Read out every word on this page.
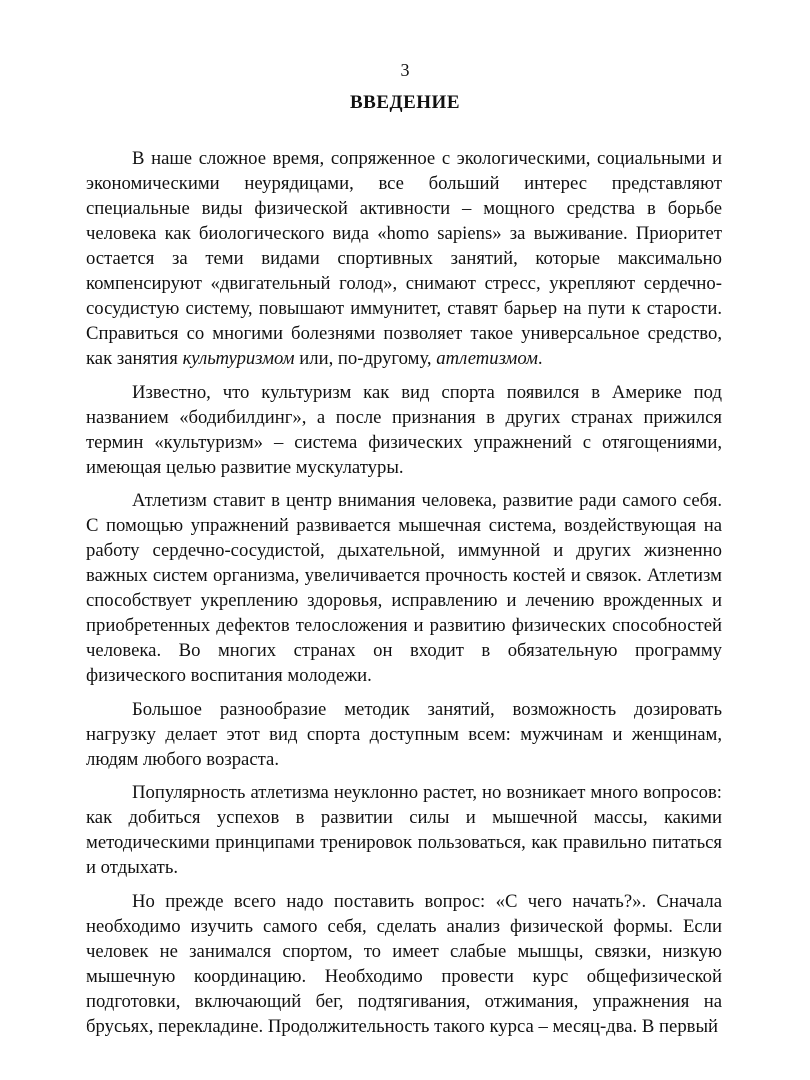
3
ВВЕДЕНИЕ

В наше сложное время, сопряженное с экологическими, социальными и экономическими неурядицами, все больший интерес представляют специальные виды физической активности – мощного средства в борьбе человека как биологического вида «homo sapiens» за выживание. Приоритет остается за теми видами спортивных занятий, которые максимально компенсируют «двигательный голод», снимают стресс, укрепляют сердечно-сосудистую систему, повышают иммунитет, ставят барьер на пути к старости. Справиться со многими болезнями позволяет такое универсальное средство, как занятия культуризмом или, по-другому, атлетизмом.

Известно, что культуризм как вид спорта появился в Америке под названием «бодибилдинг», а после признания в других странах прижился термин «культуризм» – система физических упражнений с отягощениями, имеющая целью развитие мускулатуры.

Атлетизм ставит в центр внимания человека, развитие ради самого себя. С помощью упражнений развивается мышечная система, воздействующая на работу сердечно-сосудистой, дыхательной, иммунной и других жизненно важных систем организма, увеличивается прочность костей и связок. Атлетизм способствует укреплению здоровья, исправлению и лечению врожденных и приобретенных дефектов телосложения и развитию физических способностей человека. Во многих странах он входит в обязательную программу физического воспитания молодежи.

Большое разнообразие методик занятий, возможность дозировать нагрузку делает этот вид спорта доступным всем: мужчинам и женщинам, людям любого возраста.

Популярность атлетизма неуклонно растет, но возникает много вопросов: как добиться успехов в развитии силы и мышечной массы, какими методическими принципами тренировок пользоваться, как правильно питаться и отдыхать.

Но прежде всего надо поставить вопрос: «С чего начать?». Сначала необходимо изучить самого себя, сделать анализ физической формы. Если человек не занимался спортом, то имеет слабые мышцы, связки, низкую мышечную координацию. Необходимо провести курс общефизической подготовки, включающий бег, подтягивания, отжимания, упражнения на брусьях, перекладине. Продолжительность такого курса – месяц-два. В первый
